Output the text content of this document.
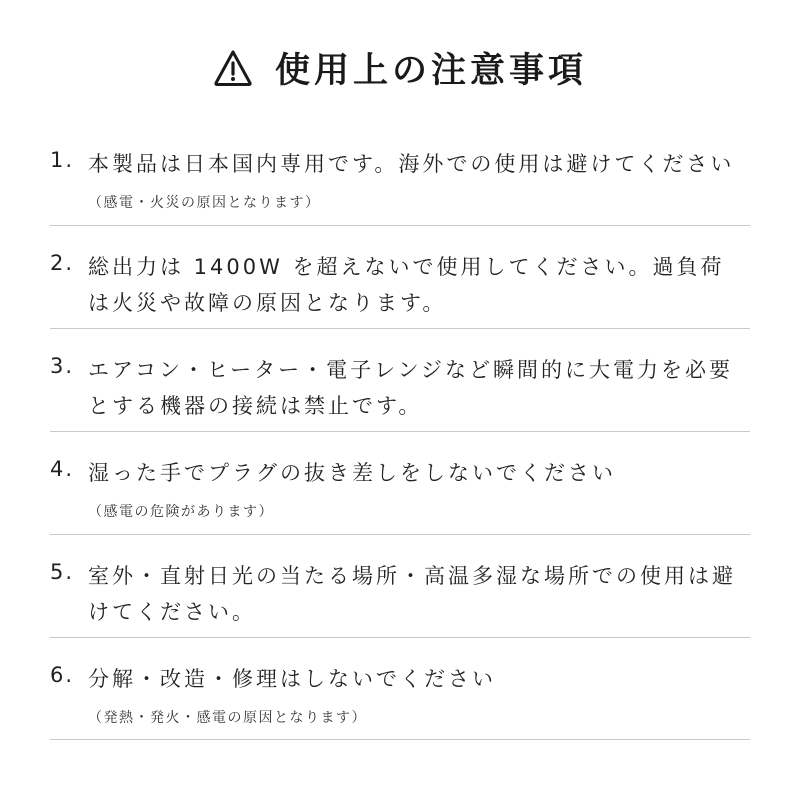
使用上の注意事項
1. 本製品は日本国内専用です。海外での使用は避けてください
（感電・火災の原因となります）
2. 総出力は 1400W を超えないで使用してください。過負荷
は火災や故障の原因となります。
3. エアコン・ヒーター・電子レンジなど瞬間的に大電力を必要
とする機器の接続は禁止です。
4. 湿った手でプラグの抜き差しをしないでください
（感電の危険があります）
5. 室外・直射日光の当たる場所・高温多湿な場所での使用は避
けてください。
6. 分解・改造・修理はしないでください
（発熱・発火・感電の原因となります）
